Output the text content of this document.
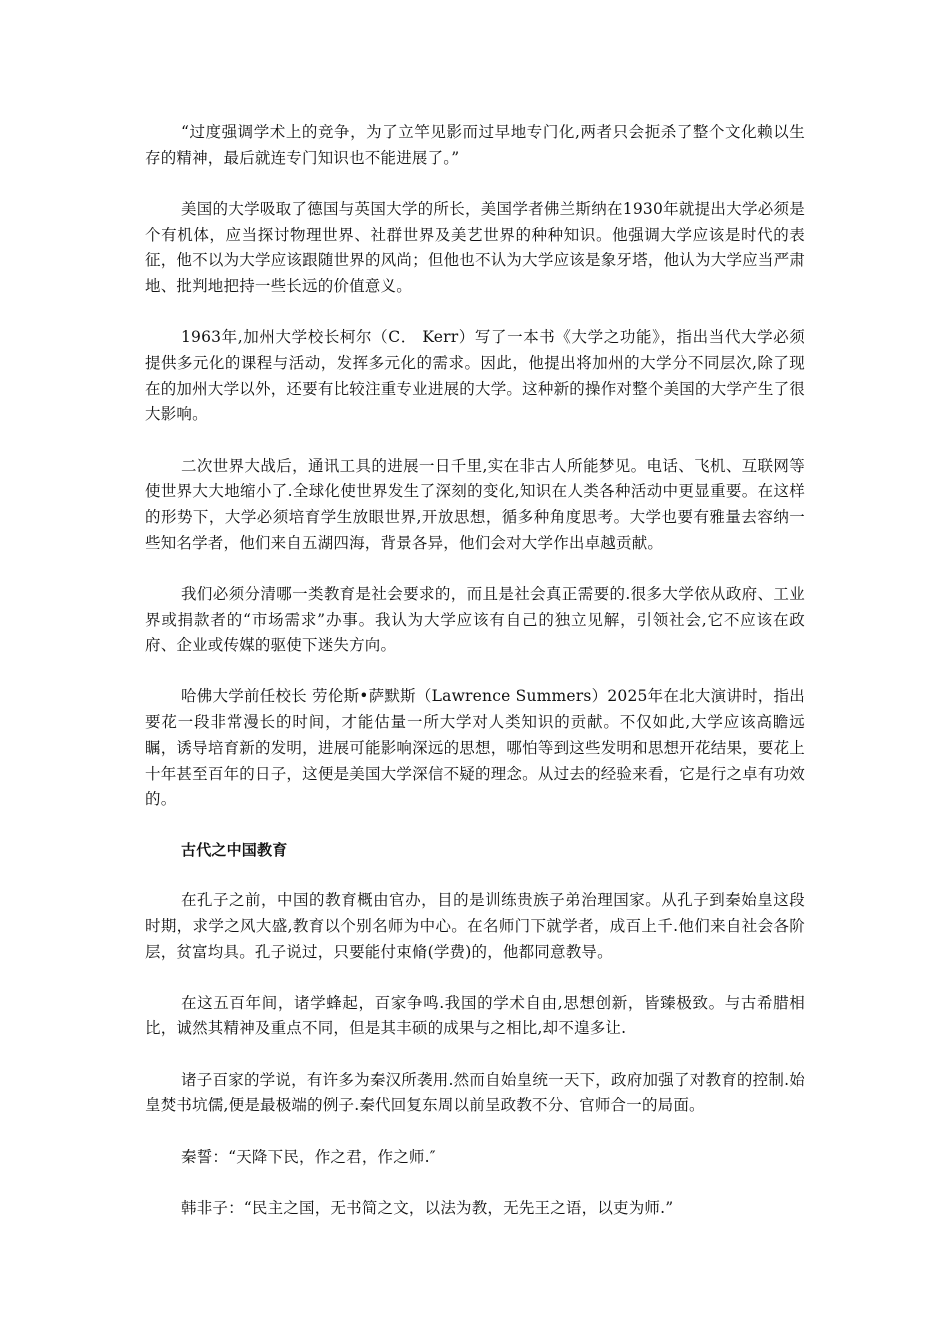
“过度强调学术上的竞争，为了立竿见影而过早地专门化,两者只会扼杀了整个文化赖以生存的精神，最后就连专门知识也不能进展了。”

美国的大学吸取了德国与英国大学的所长，美国学者佛兰斯纳在1930年就提出大学必须是个有机体，应当探讨物理世界、社群世界及美艺世界的种种知识。他强调大学应该是时代的表征，他不以为大学应该跟随世界的风尚；但他也不认为大学应该是象牙塔，他认为大学应当严肃地、批判地把持一些长远的价值意义。

1963年,加州大学校长柯尔（C． Kerr）写了一本书《大学之功能》，指出当代大学必须提供多元化的课程与活动，发挥多元化的需求。因此，他提出将加州的大学分不同层次,除了现在的加州大学以外，还要有比较注重专业进展的大学。这种新的操作对整个美国的大学产生了很大影响。

二次世界大战后，通讯工具的进展一日千里,实在非古人所能梦见。电话、飞机、互联网等使世界大大地缩小了.全球化使世界发生了深刻的变化,知识在人类各种活动中更显重要。在这样的形势下，大学必须培育学生放眼世界,开放思想，循多种角度思考。大学也要有雅量去容纳一些知名学者，他们来自五湖四海，背景各异，他们会对大学作出卓越贡献。

我们必须分清哪一类教育是社会要求的，而且是社会真正需要的.很多大学依从政府、工业界或捐款者的“市场需求”办事。我认为大学应该有自己的独立见解，引领社会,它不应该在政府、企业或传媒的驱使下迷失方向。

哈佛大学前任校长 劳伦斯•萨默斯（Lawrence Summers）2025年在北大演讲时，指出要花一段非常漫长的时间，才能估量一所大学对人类知识的贡献。不仅如此,大学应该高瞻远瞩，诱导培育新的发明，进展可能影响深远的思想，哪怕等到这些发明和思想开花结果，要花上十年甚至百年的日子，这便是美国大学深信不疑的理念。从过去的经验来看，它是行之卓有功效的。

古代之中国教育

在孔子之前，中国的教育概由官办，目的是训练贵族子弟治理国家。从孔子到秦始皇这段时期，求学之风大盛,教育以个别名师为中心。在名师门下就学者，成百上千.他们来自社会各阶层，贫富均具。孔子说过，只要能付束脩(学费)的，他都同意教导。

在这五百年间，诸学蜂起，百家争鸣.我国的学术自由,思想创新，皆臻极致。与古希腊相比，诚然其精神及重点不同，但是其丰硕的成果与之相比,却不遑多让.

诸子百家的学说，有许多为秦汉所袭用.然而自始皇统一天下，政府加强了对教育的控制.始皇焚书坑儒,便是最极端的例子.秦代回复东周以前呈政教不分、官师合一的局面。

秦誓：“天降下民，作之君，作之师.″

韩非子：“民主之国，无书简之文，以法为教，无先王之语，以吏为师.”
